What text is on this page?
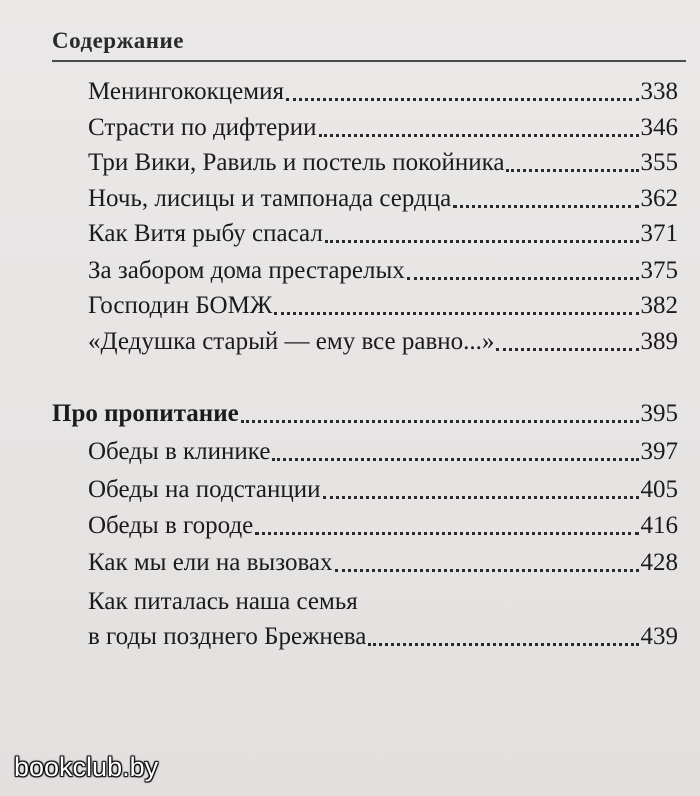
Содержание
Менингококцемия	338
Страсти по дифтерии	346
Три Вики, Равиль и постель покойника	355
Ночь, лисицы и тампонада сердца	362
Как Витя рыбу спасал	371
За забором дома престарелых	375
Господин БОМЖ	382
«Дедушка старый — ему все равно...»	389
Про пропитание	395
Обеды в клинике	397
Обеды на подстанции	405
Обеды в городе	416
Как мы ели на вызовах	428
Как питалась наша семья
в годы позднего Брежнева	439
bookclub.by
